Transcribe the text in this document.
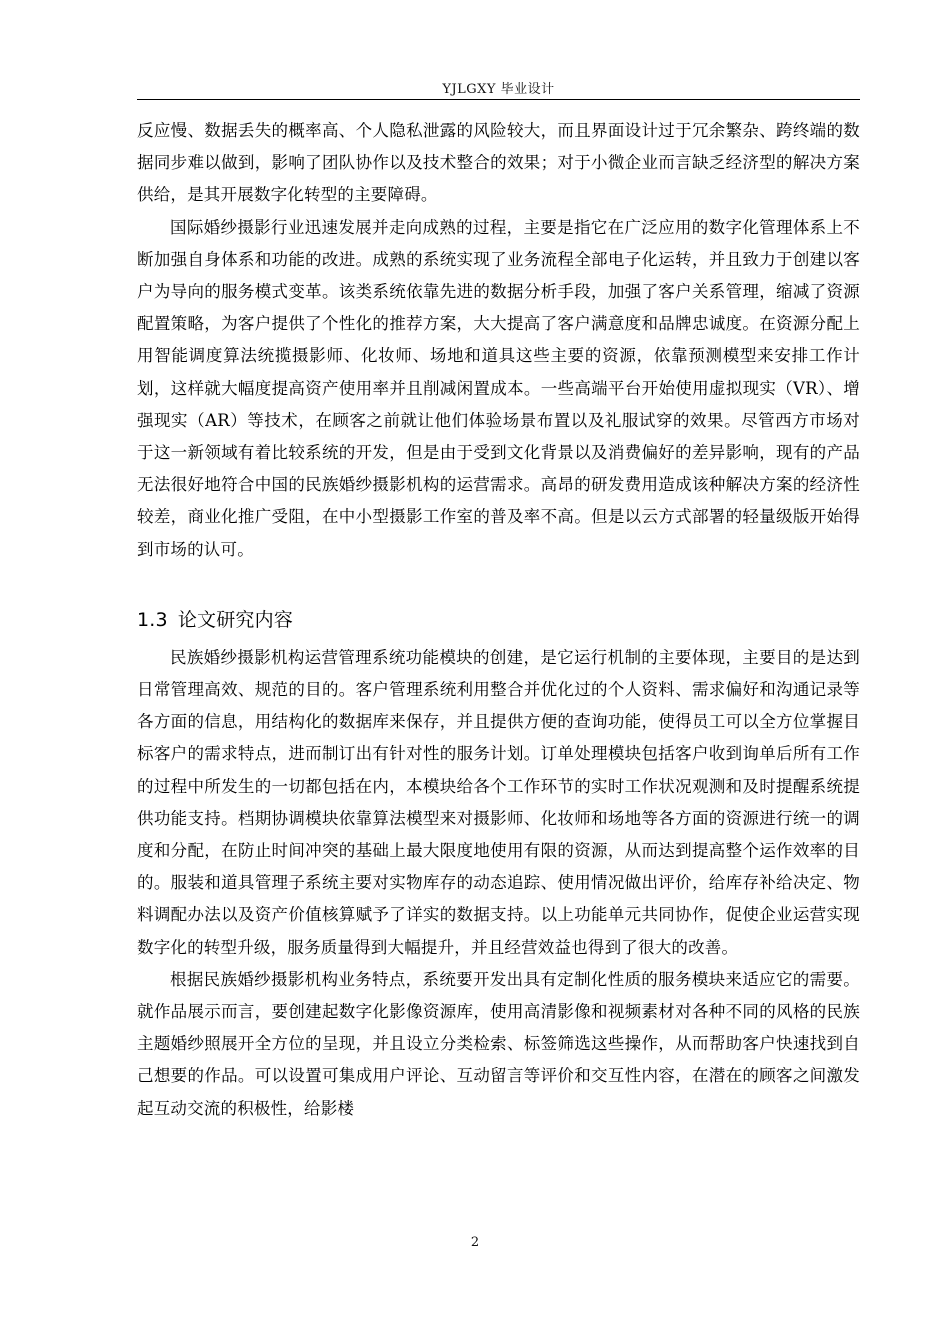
YJLGXY 毕业设计

反应慢、数据丢失的概率高、个人隐私泄露的风险较大，而且界面设计过于冗余繁杂、跨终端的数据同步难以做到，影响了团队协作以及技术整合的效果；对于小微企业而言缺乏经济型的解决方案供给，是其开展数字化转型的主要障碍。

国际婚纱摄影行业迅速发展并走向成熟的过程，主要是指它在广泛应用的数字化管理体系上不断加强自身体系和功能的改进。成熟的系统实现了业务流程全部电子化运转，并且致力于创建以客户为导向的服务模式变革。该类系统依靠先进的数据分析手段，加强了客户关系管理，缩减了资源配置策略，为客户提供了个性化的推荐方案，大大提高了客户满意度和品牌忠诚度。在资源分配上用智能调度算法统揽摄影师、化妆师、场地和道具这些主要的资源，依靠预测模型来安排工作计划，这样就大幅度提高资产使用率并且削减闲置成本。一些高端平台开始使用虚拟现实（VR）、增强现实（AR）等技术，在顾客之前就让他们体验场景布置以及礼服试穿的效果。尽管西方市场对于这一新领域有着比较系统的开发，但是由于受到文化背景以及消费偏好的差异影响，现有的产品无法很好地符合中国的民族婚纱摄影机构的运营需求。高昂的研发费用造成该种解决方案的经济性较差，商业化推广受阻，在中小型摄影工作室的普及率不高。但是以云方式部署的轻量级版开始得到市场的认可。

1.3 论文研究内容

民族婚纱摄影机构运营管理系统功能模块的创建，是它运行机制的主要体现，主要目的是达到日常管理高效、规范的目的。客户管理系统利用整合并优化过的个人资料、需求偏好和沟通记录等各方面的信息，用结构化的数据库来保存，并且提供方便的查询功能，使得员工可以全方位掌握目标客户的需求特点，进而制订出有针对性的服务计划。订单处理模块包括客户收到询单后所有工作的过程中所发生的一切都包括在内，本模块给各个工作环节的实时工作状况观测和及时提醒系统提供功能支持。档期协调模块依靠算法模型来对摄影师、化妆师和场地等各方面的资源进行统一的调度和分配，在防止时间冲突的基础上最大限度地使用有限的资源，从而达到提高整个运作效率的目的。服装和道具管理子系统主要对实物库存的动态追踪、使用情况做出评价，给库存补给决定、物料调配办法以及资产价值核算赋予了详实的数据支持。以上功能单元共同协作，促使企业运营实现数字化的转型升级，服务质量得到大幅提升，并且经营效益也得到了很大的改善。

根据民族婚纱摄影机构业务特点，系统要开发出具有定制化性质的服务模块来适应它的需要。就作品展示而言，要创建起数字化影像资源库，使用高清影像和视频素材对各种不同的风格的民族主题婚纱照展开全方位的呈现，并且设立分类检索、标签筛选这些操作，从而帮助客户快速找到自己想要的作品。可以设置可集成用户评论、互动留言等评价和交互性内容，在潜在的顾客之间激发起互动交流的积极性，给影楼

2
